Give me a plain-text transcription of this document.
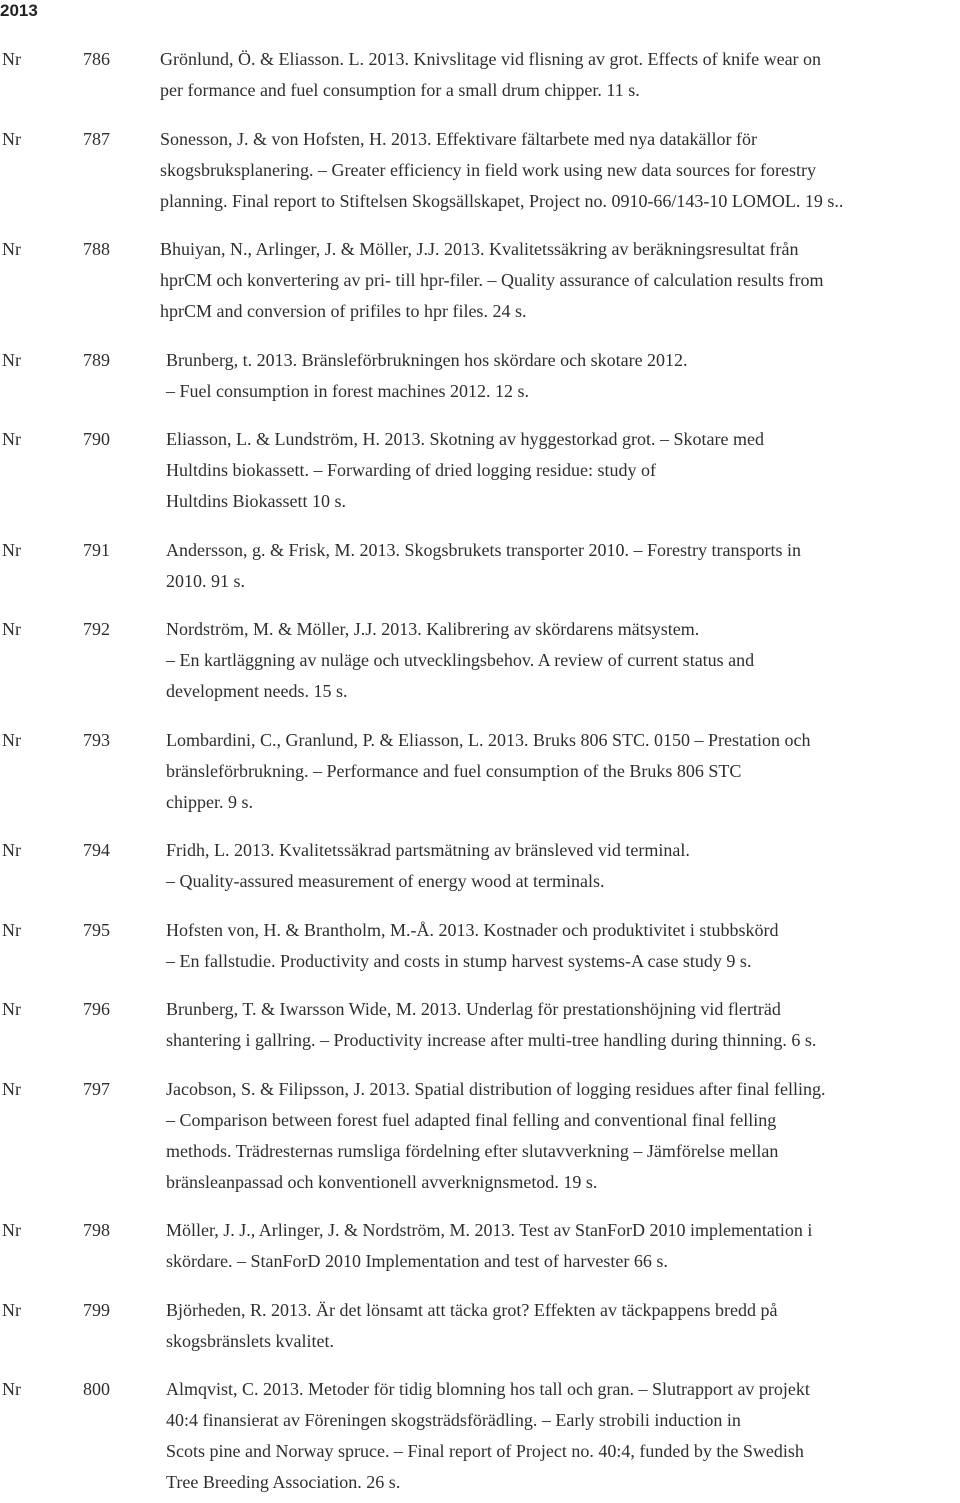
2013
Nr	786	Grönlund, Ö. & Eliasson. L. 2013. Knivslitage vid flisning av grot. Effects of knife wear on
per formance and fuel consumption for a small drum chipper. 11 s.
Nr	787	Sonesson, J. & von Hofsten, H. 2013. Effektivare fältarbete med nya datakällor för
skogsbruksplanering. – Greater efficiency in field work using new data sources for forestry
planning. Final report to Stiftelsen Skogsällskapet, Project no. 0910-66/143-10 LOMOL. 19 s..
Nr	788	Bhuiyan, N., Arlinger, J. & Möller, J.J. 2013. Kvalitetssäkring av beräkningsresultat från
hprCM och konvertering av pri- till hpr-filer. – Quality assurance of calculation results from
hprCM and conversion of prifiles to hpr files. 24 s.
Nr	789	Brunberg, t. 2013. Bränsleförbrukningen hos skördare och skotare 2012.
– Fuel consumption in forest machines 2012. 12 s.
Nr	790	Eliasson, L. & Lundström, H. 2013. Skotning av hyggestorkad grot. – Skotare med
Hultdins biokassett. – Forwarding of dried logging residue: study of
Hultdins Biokassett 10 s.
Nr	791	Andersson, g. & Frisk, M. 2013. Skogsbrukets transporter 2010. – Forestry transports in
2010. 91 s.
Nr	792	Nordström, M. & Möller, J.J. 2013. Kalibrering av skördarens mätsystem.
– En kartläggning av nuläge och utvecklingsbehov. A review of current status and
development needs. 15 s.
Nr	793	Lombardini, C., Granlund, P. & Eliasson, L. 2013. Bruks 806 STC. 0150 – Prestation och
bränsleförbrukning. – Performance and fuel consumption of the Bruks 806 STC
chipper. 9 s.
Nr	794	Fridh, L. 2013. Kvalitetssäkrad partsmätning av bränsleved vid terminal.
– Quality-assured measurement of energy wood at terminals.
Nr	795	Hofsten von, H. & Brantholm, M.-Å. 2013. Kostnader och produktivitet i stubbskörd
– En fallstudie. Productivity and costs in stump harvest systems-A case study 9 s.
Nr	796	Brunberg, T. & Iwarsson Wide, M. 2013. Underlag för prestationshöjning vid flerträd
shantering i gallring. – Productivity increase after multi-tree handling during thinning. 6 s.
Nr	797	Jacobson, S. & Filipsson, J. 2013. Spatial distribution of logging residues after final felling.
– Comparison between forest fuel adapted final felling and conventional final felling
methods. Trädresternas rumsliga fördelning efter slutavverkning – Jämförelse mellan
bränsleanpassad och konventionell avverknignsmetod. 19 s.
Nr	798	Möller, J. J., Arlinger, J. & Nordström, M. 2013. Test av StanForD 2010 implementation i
skördare. – StanForD 2010 Implementation and test of harvester 66 s.
Nr	799	Björheden, R. 2013. Är det lönsamt att täcka grot? Effekten av täckpappens bredd på
skogsbränslets kvalitet.
Nr	800	Almqvist, C. 2013. Metoder för tidig blomning hos tall och gran. – Slutrapport av projekt
40:4 finansierat av Föreningen skogsträdsförädling. – Early strobili induction in
Scots pine and Norway spruce. – Final report of Project no. 40:4, funded by the Swedish
Tree Breeding Association. 26 s.
